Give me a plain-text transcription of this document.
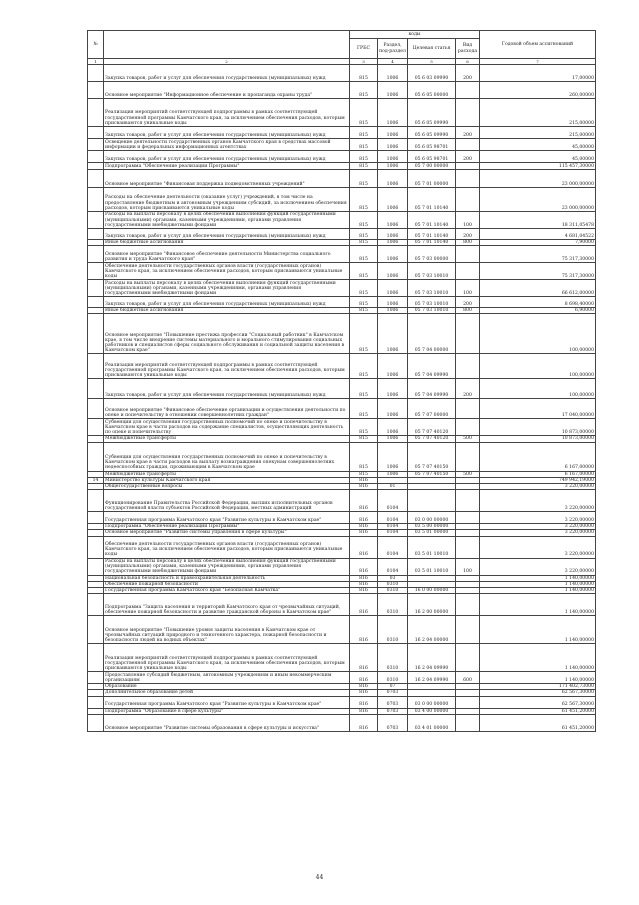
№		коды				Годовой объем ассигнований
		ГРБС	Раздел, под-раздел	Целевая статья	Вид расхода	
1	2	3	4	5	6	7
	Закупка товаров, работ и услуг для обеспечения государственных (муниципальных) нужд	815	1006	05 6 03 09990	200	17,00000
	Основное мероприятие "Информационное обеспечение и пропаганда охраны труда"	815	1006	05 6 05 00000		260,00000
	Реализация мероприятий соответствующей подпрограммы в рамках соответствующей государственной программы Камчатского края, за исключением обеспечения расходов, которым присваиваются уникальные коды	815	1006	05 6 05 09990		215,00000
	Закупка товаров, работ и услуг для обеспечения государственных (муниципальных) нужд	815	1006	05 6 05 09990	200	215,00000
	Освещение деятельности государственных органов Камчатского края в средствах массовой информации и федеральных информационных агентствах	815	1006	05 6 05 98701		45,00000
	Закупка товаров, работ и услуг для обеспечения государственных (муниципальных) нужд	815	1006	05 6 05 98701	200	45,00000
	Подпрограмма "Обеспечение реализации Программы"	815	1006	05 7 00 00000		115 457,30000
	Основное мероприятие "Финансовая поддержка подведомственных учреждений"	815	1006	05 7 01 00000		23 000,00000
	Расходы на обеспечение деятельности (оказание услуг) учреждений, в том числе на предоставление бюджетным и автономным учреждениям субсидий, за исключением обеспечения расходов, которым присваиваются уникальные коды	815	1006	05 7 01 10140		23 000,00000
	Расходы на выплаты персоналу в целях обеспечения выполнения функций государственными (муниципальными) органами, казенными учреждениями, органами управления государственными внебюджетными фондами	815	1006	05 7 01 10140	100	18 311,05478
	Закупка товаров, работ и услуг для обеспечения государственных (муниципальных) нужд	815	1006	05 7 01 10140	200	4 681,04522
	Иные бюджетные ассигнования	815	1006	05 7 01 10140	800	7,90000
	Основное мероприятие "Финансовое обеспечение деятельности Министерства социального развития и труда Камчатского края"	815	1006	05 7 03 00000		75 317,30000
	Обеспечение деятельности государственных органов власти (государственных органов) Камчатского края, за исключением обеспечения расходов, которым присваиваются уникальные коды	815	1006	05 7 03 10010		75 317,30000
	Расходы на выплаты персоналу в целях обеспечения выполнения функций государственными (муниципальными) органами, казенными учреждениями, органами управления государственными внебюджетными фондами	815	1006	05 7 03 10010	100	66 612,00000
	Закупка товаров, работ и услуг для обеспечения государственных (муниципальных) нужд	815	1006	05 7 03 10010	200	8 698,40000
	Иные бюджетные ассигнования	815	1006	05 7 03 10010	800	6,90000
	Основное мероприятие "Повышение престижа профессии "Социальный работник" в Камчатском крае, в том числе внедрение системы материального и морального стимулирования социальных работников и специалистов сферы социального обслуживания и социальной защиты населения в Камчатском крае"	815	1006	05 7 04 00000		100,00000
	Реализация мероприятий соответствующей подпрограммы в рамках соответствующей государственной программы Камчатского края, за исключением обеспечения расходов, которым присваиваются уникальные коды	815	1006	05 7 04 09990		100,00000
	Закупка товаров, работ и услуг для обеспечения государственных (муниципальных) нужд	815	1006	05 7 04 09990	200	100,00000
	Основное мероприятие "Финансовое обеспечение организации и осуществления деятельности по опеке и попечительству в отношении совершеннолетних граждан"	815	1006	05 7 07 00000		17 040,00000
	Субвенции для осуществления государственных полномочий по опеке и попечительству в Камчатском крае в части расходов на содержание специалистов, осуществляющих деятельность по опеке и попечительству	815	1006	05 7 07 40120		10 873,00000
	Межбюджетные трансферты	815	1006	05 7 07 40120	500	10 873,00000
	Субвенции для осуществления государственных полномочий по опеке и попечительству в Камчатском крае в части расходов на выплату вознаграждения опекунам совершеннолетних недееспособных граждан, проживающим в Камчатском крае	815	1006	05 7 07 40150		6 167,00000
	Межбюджетные трансферты	815	1006	05 7 07 40150	500	6 167,00000
14	Министерство культуры Камчатского края	816				749 942,19000
	Общегосударственные вопросы	816	01			3 220,00000
	Функционирование Правительства Российской Федерации, высших исполнительных органов государственной власти субъектов Российской Федерации, местных администраций	816	0104			3 220,00000
	Государственная программа Камчатского края "Развитие культуры в Камчатском крае"	816	0104	03 0 00 00000		3 220,00000
	Подпрограмма "Обеспечение реализации Программы"	816	0104	03 5 00 00000		3 220,00000
	Основное мероприятие "Развитие системы управления в сфере культуры"	816	0104	03 5 01 00000		3 220,00000
	Обеспечение деятельности государственных органов власти (государственных органов) Камчатского края, за исключением обеспечения расходов, которым присваиваются уникальные коды	816	0104	03 5 01 10010		3 220,00000
	Расходы на выплаты персоналу в целях обеспечения выполнения функций государственными (муниципальными) органами, казенными учреждениями, органами управления государственными внебюджетными фондами	816	0104	03 5 01 10010	100	3 220,00000
	Национальная безопасность и правоохранительная деятельность	816	03			1 140,00000
	Обеспечение пожарной безопасности	816	0310			1 140,00000
	Государственная программа Камчатского края "Безопасная Камчатка"	816	0310	16 0 00 00000		1 140,00000
	Подпрограмма "Защита населения и территорий Камчатского края от чрезвычайных ситуаций, обеспечение пожарной безопасности и развитие гражданской обороны в Камчатском крае"	816	0310	16 2 00 00000		1 140,00000
	Основное мероприятие "Повышение уровня защиты населения в Камчатском крае от чрезвычайных ситуаций природного и техногенного характера, пожарной безопасности и безопасности людей на водных объектах"	816	0310	16 2 04 00000		1 140,00000
	Реализация мероприятий соответствующей подпрограммы в рамках соответствующей государственной программы Камчатского края, за исключением обеспечения расходов, которым присваиваются уникальные коды	816	0310	16 2 04 09990		1 140,00000
	Предоставление субсидий бюджетным, автономным учреждениям и иным некоммерческим организациям	816	0310	16 2 04 09990	600	1 140,00000
	Образование	816	07			171 402,73000
	Дополнительное образование детей	816	0703			62 567,30000
	Государственная программа Камчатского края "Развитие культуры в Камчатском крае"	816	0703	03 0 00 00000		62 567,30000
	Подпрограмма "Образование в сфере культуры"	816	0703	03 4 00 00000		61 451,20000
	Основное мероприятие "Развитие системы образования в сфере культуры и искусства"	816	0703	03 4 01 00000		61 451,20000
44
